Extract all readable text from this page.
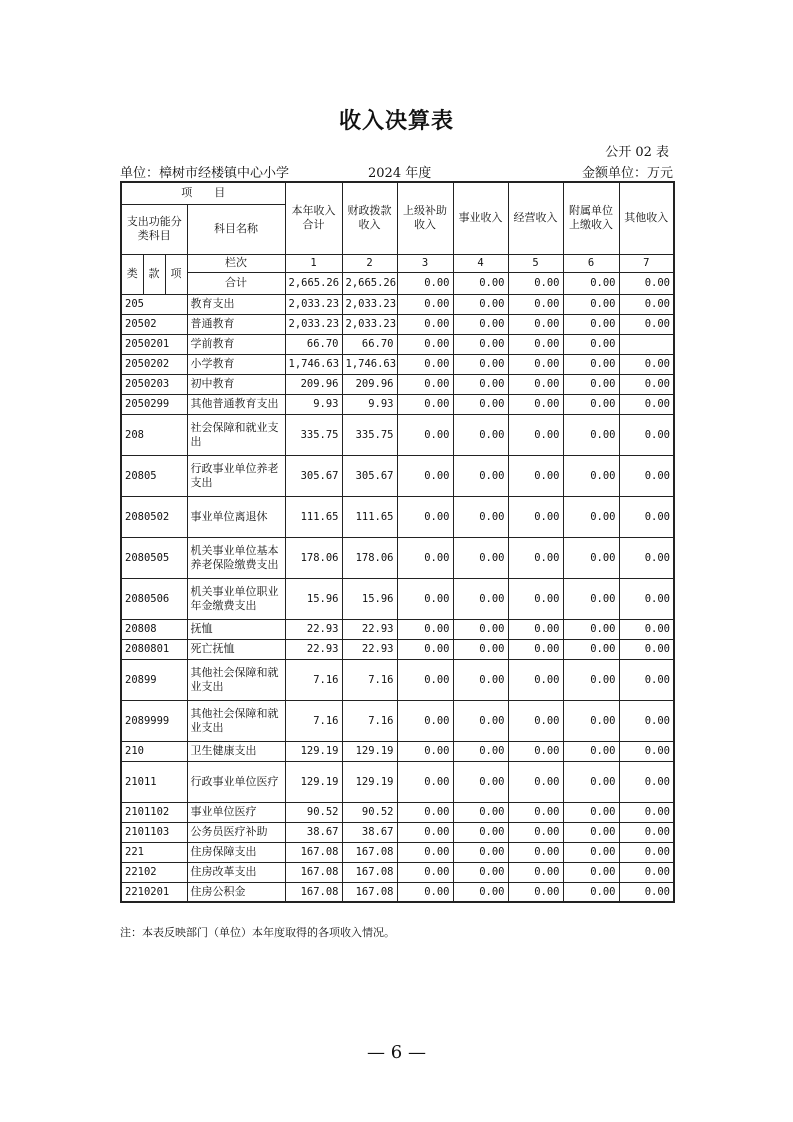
收入决算表
公开 02 表
单位：樟树市经楼镇中心小学	2024 年度	金额单位：万元
项　　目				本年收入合计	财政拨款收入	上级补助收入	事业收入	经营收入	附属单位上缴收入	其他收入
支出功能分类科目			科目名称							
类	款	项	栏次	1	2	3	4	5	6	7
			合计	2,665.26	2,665.26	0.00	0.00	0.00	0.00	0.00
205			教育支出	2,033.23	2,033.23	0.00	0.00	0.00	0.00	0.00
20502			普通教育	2,033.23	2,033.23	0.00	0.00	0.00	0.00	0.00
2050201			学前教育	66.70	66.70	0.00	0.00	0.00	0.00	
2050202			小学教育	1,746.63	1,746.63	0.00	0.00	0.00	0.00	0.00
2050203			初中教育	209.96	209.96	0.00	0.00	0.00	0.00	0.00
2050299			其他普通教育支出	9.93	9.93	0.00	0.00	0.00	0.00	0.00
208			社会保障和就业支出	335.75	335.75	0.00	0.00	0.00	0.00	0.00
20805			行政事业单位养老支出	305.67	305.67	0.00	0.00	0.00	0.00	0.00
2080502			事业单位离退休	111.65	111.65	0.00	0.00	0.00	0.00	0.00
2080505			机关事业单位基本养老保险缴费支出	178.06	178.06	0.00	0.00	0.00	0.00	0.00
2080506			机关事业单位职业年金缴费支出	15.96	15.96	0.00	0.00	0.00	0.00	0.00
20808			抚恤	22.93	22.93	0.00	0.00	0.00	0.00	0.00
2080801			死亡抚恤	22.93	22.93	0.00	0.00	0.00	0.00	0.00
20899			其他社会保障和就业支出	7.16	7.16	0.00	0.00	0.00	0.00	0.00
2089999			其他社会保障和就业支出	7.16	7.16	0.00	0.00	0.00	0.00	0.00
210			卫生健康支出	129.19	129.19	0.00	0.00	0.00	0.00	0.00
21011			行政事业单位医疗	129.19	129.19	0.00	0.00	0.00	0.00	0.00
2101102			事业单位医疗	90.52	90.52	0.00	0.00	0.00	0.00	0.00
2101103			公务员医疗补助	38.67	38.67	0.00	0.00	0.00	0.00	0.00
221			住房保障支出	167.08	167.08	0.00	0.00	0.00	0.00	0.00
22102			住房改革支出	167.08	167.08	0.00	0.00	0.00	0.00	0.00
2210201			住房公积金	167.08	167.08	0.00	0.00	0.00	0.00	0.00
注：本表反映部门（单位）本年度取得的各项收入情况。
— 6 —
